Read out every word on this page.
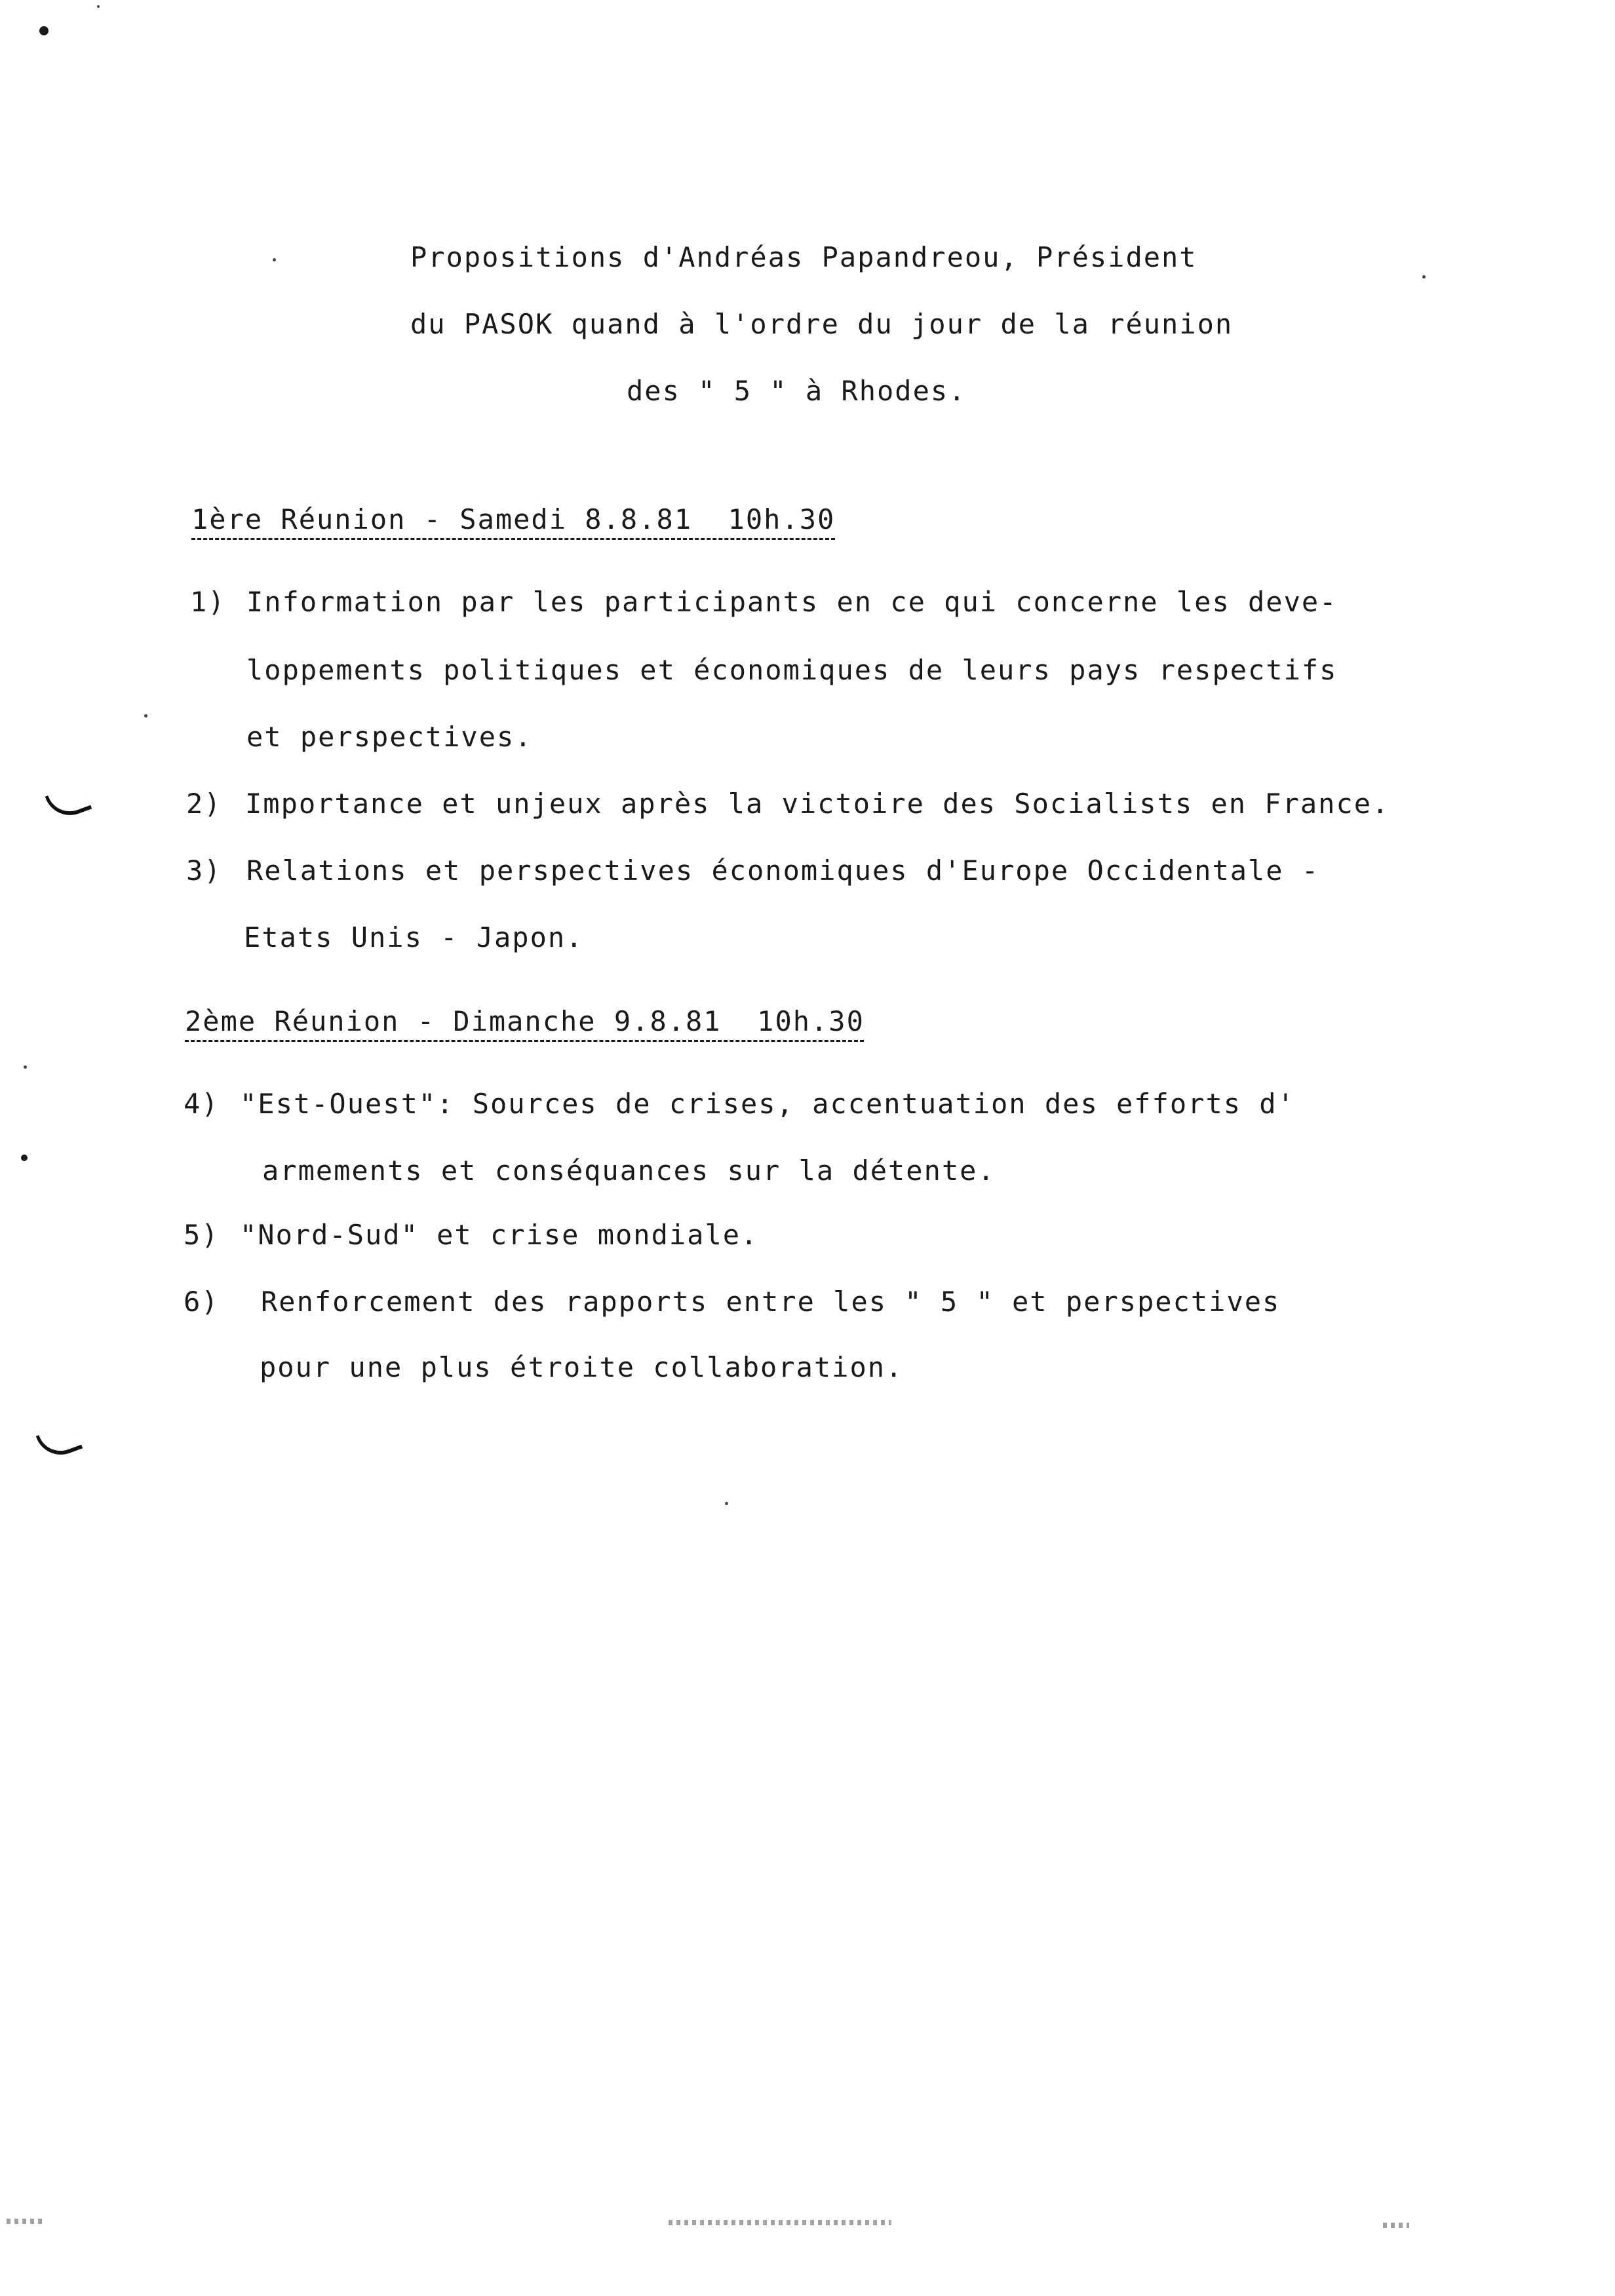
Propositions d'Andréas Papandreou, Président
du PASOK quand à l'ordre du jour de la réunion
des " 5 " à Rhodes.
1ère Réunion - Samedi 8.8.81  10h.30
1) Information par les participants en ce qui concerne les deve-
loppements politiques et économiques de leurs pays respectifs
et perspectives.
2) Importance et unjeux après la victoire des Socialists en France.
3) Relations et perspectives économiques d'Europe Occidentale -
Etats Unis - Japon.
2ème Réunion - Dimanche 9.8.81  10h.30
4) "Est-Ouest": Sources de crises, accentuation des efforts d'
armements et conséquances sur la détente.
5) "Nord-Sud" et crise mondiale.
6) Renforcement des rapports entre les " 5 " et perspectives
pour une plus étroite collaboration.
